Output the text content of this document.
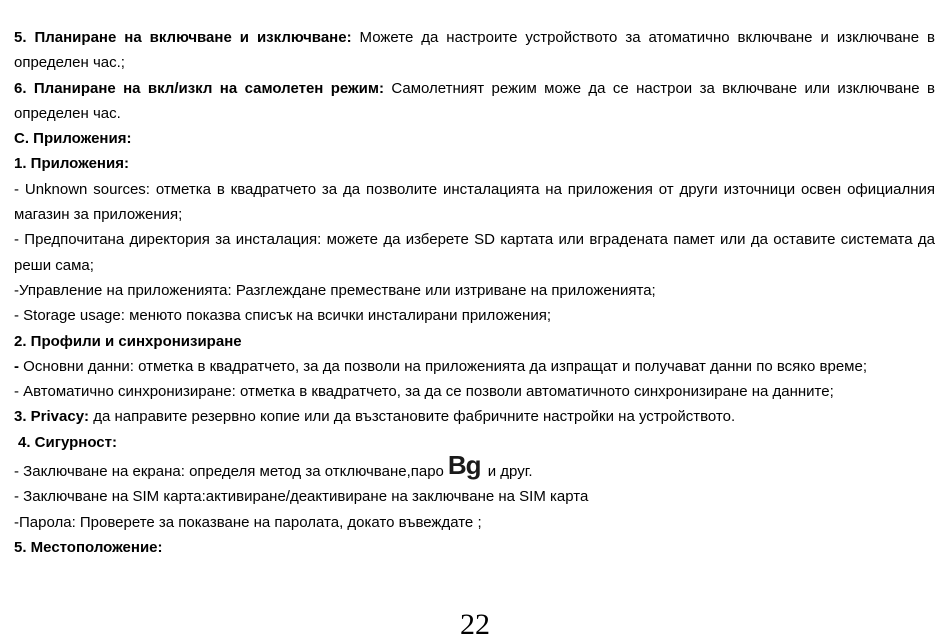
5. Планиране на включване и изключване: Можете да настроите устройството за атоматично включване и изключване в определен час.;

6. Планиране на вкл/изкл на самолетен режим: Самолетният режим може да се настрои за включване или изключване в определен час.

C. Приложения:

1. Приложения:

- Unknown sources: отметка в квадратчето за да позволите инсталацията на приложения от други източници освен официалния магазин за приложения;

- Предпочитана директория за инсталация: можете да изберете SD картата или вградената памет или да оставите системата да реши сама;

-Управление на приложенията: Разглеждане преместване или изтриване на приложенията;

- Storage usage: менюто показва списък на всички инсталирани приложения;

2. Профили и синхронизиране

- Основни данни: отметка в квадратчето, за да позволи на приложенията да изпращат и получават данни по всяко време;

- Автоматично синхронизиране: отметка в квадратчето, за да се позволи автоматичното синхронизиране на данните;

3. Privacy: да направите резервно копие или да възстановите фабричните настройки на устройството.

4. Сигурност:

- Заключване на екрана: определя метод за отключване,паро Bg и друг.

- Заключване на SIM карта:активиране/деактивиране на заключване на SIM карта

-Парола: Проверете за показване на паролата, докато въвеждате ;

5. Местоположение:

22
